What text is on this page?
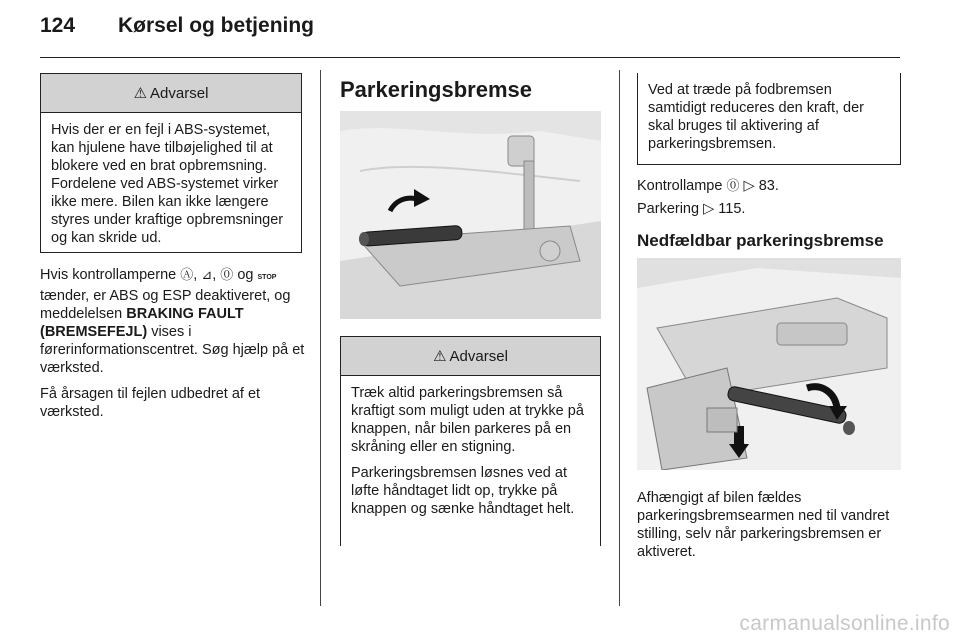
124 Kørsel og betjening
⚠ Advarsel

Hvis der er en fejl i ABS-systemet, kan hjulene have tilbøjelighed til at blokere ved en brat opbremsning. Fordelene ved ABS-systemet virker ikke mere. Bilen kan ikke længere styres under kraftige opbremsninger og kan skride ud.

Hvis kontrollamperne Ⓐ, ⊿, ⓪ og STOP tænder, er ABS og ESP deaktiveret, og meddelelsen BRAKING FAULT (BREMSEFEJL) vises i førerinformationscentret. Søg hjælp på et værksted.

Få årsagen til fejlen udbedret af et værksted.

Parkeringsbremse
⚠ Advarsel

Træk altid parkeringsbremsen så kraftigt som muligt uden at trykke på knappen, når bilen parkeres på en skråning eller en stigning.

Parkeringsbremsen løsnes ved at løfte håndtaget lidt op, trykke på knappen og sænke håndtaget helt.

Ved at træde på fodbremsen samtidigt reduceres den kraft, der skal bruges til aktivering af parkeringsbremsen.
Kontrollampe ⓪ ▷ 83.
Parkering ▷ 115.
Nedfældbar parkeringsbremse
Afhængigt af bilen fældes parkeringsbremsearmen ned til vandret stilling, selv når parkeringsbremsen er aktiveret.
carmanualsonline.info
